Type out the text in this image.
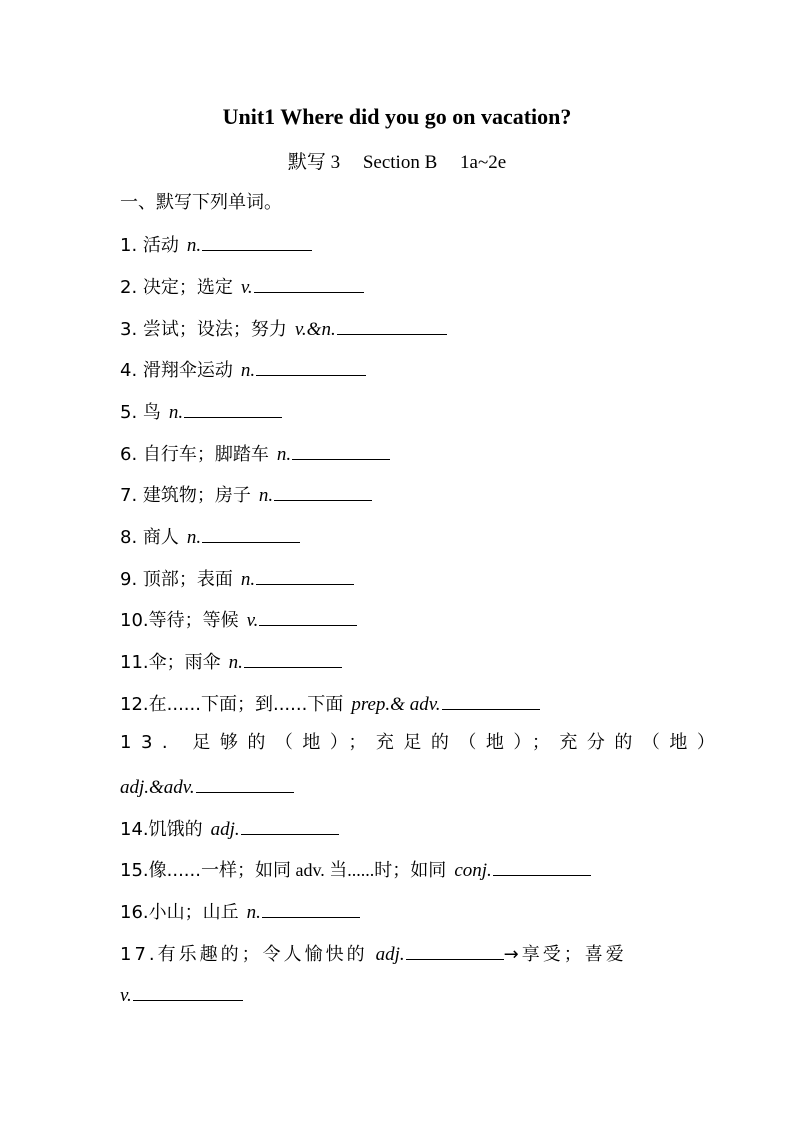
Unit1 Where did you go on vacation?
默写 3 Section B 1a~2e
一、默写下列单词。
1. 活动 n.
2. 决定；选定 v.
3. 尝试；设法；努力 v.&n.
4. 滑翔伞运动 n.
5. 鸟 n.
6. 自行车；脚踏车 n.
7. 建筑物；房子 n.
8. 商人 n.
9. 顶部；表面 n.
10.等待；等候 v.
11.伞；雨伞 n.
12.在......下面；到......下面 prep.& adv.
13. 足够的（地）；充足的（地）；充分的（地）
adj.&adv.
14.饥饿的 adj.
15.像......一样；如同 adv. 当......时；如同 conj.
16.小山；山丘 n.
17.有乐趣的；令人愉快的 adj.	→享受；喜爱
v.
